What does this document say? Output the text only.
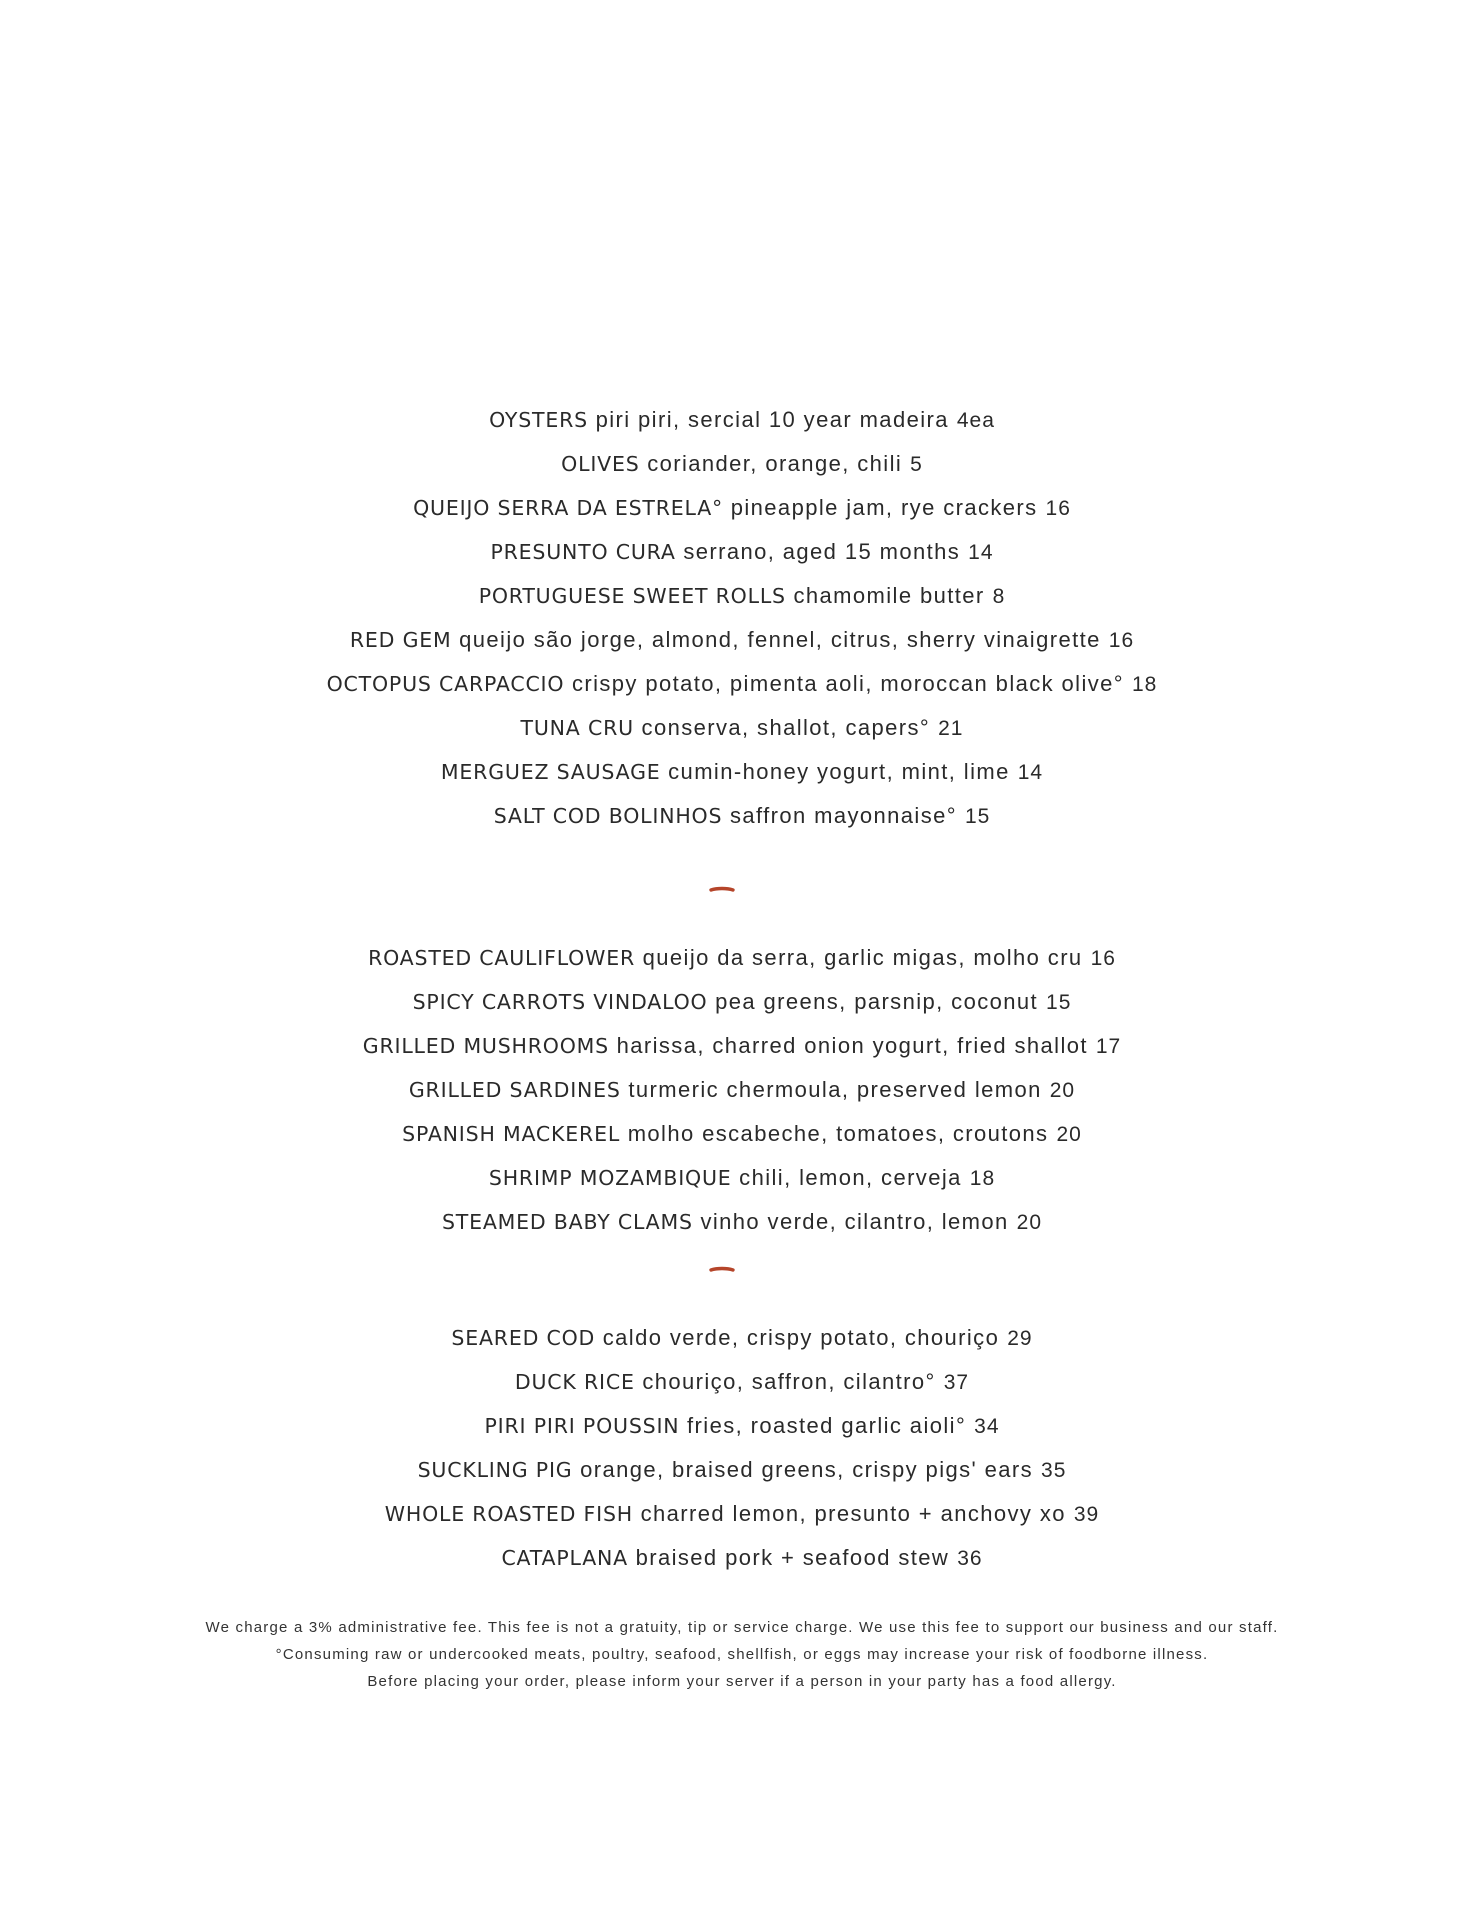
OYSTERS piri piri, sercial 10 year madeira 4ea
OLIVES coriander, orange, chili 5
QUEIJO SERRA DA ESTRELA° pineapple jam, rye crackers 16
PRESUNTO CURA serrano, aged 15 months 14
PORTUGUESE SWEET ROLLS chamomile butter 8
RED GEM queijo são jorge, almond, fennel, citrus, sherry vinaigrette 16
OCTOPUS CARPACCIO crispy potato, pimenta aoli, moroccan black olive° 18
TUNA CRU conserva, shallot, capers° 21
MERGUEZ SAUSAGE cumin-honey yogurt, mint, lime 14
SALT COD BOLINHOS saffron mayonnaise° 15
ROASTED CAULIFLOWER queijo da serra, garlic migas, molho cru 16
SPICY CARROTS VINDALOO pea greens, parsnip, coconut 15
GRILLED MUSHROOMS harissa, charred onion yogurt, fried shallot 17
GRILLED SARDINES turmeric chermoula, preserved lemon 20
SPANISH MACKEREL molho escabeche, tomatoes, croutons 20
SHRIMP MOZAMBIQUE chili, lemon, cerveja 18
STEAMED BABY CLAMS vinho verde, cilantro, lemon 20
SEARED COD caldo verde, crispy potato, chouriço 29
DUCK RICE chouriço, saffron, cilantro° 37
PIRI PIRI POUSSIN fries, roasted garlic aioli° 34
SUCKLING PIG orange, braised greens, crispy pigs' ears 35
WHOLE ROASTED FISH charred lemon, presunto + anchovy xo 39
CATAPLANA braised pork + seafood stew 36
We charge a 3% administrative fee. This fee is not a gratuity, tip or service charge. We use this fee to support our business and our staff.
°Consuming raw or undercooked meats, poultry, seafood, shellfish, or eggs may increase your risk of foodborne illness.
Before placing your order, please inform your server if a person in your party has a food allergy.
